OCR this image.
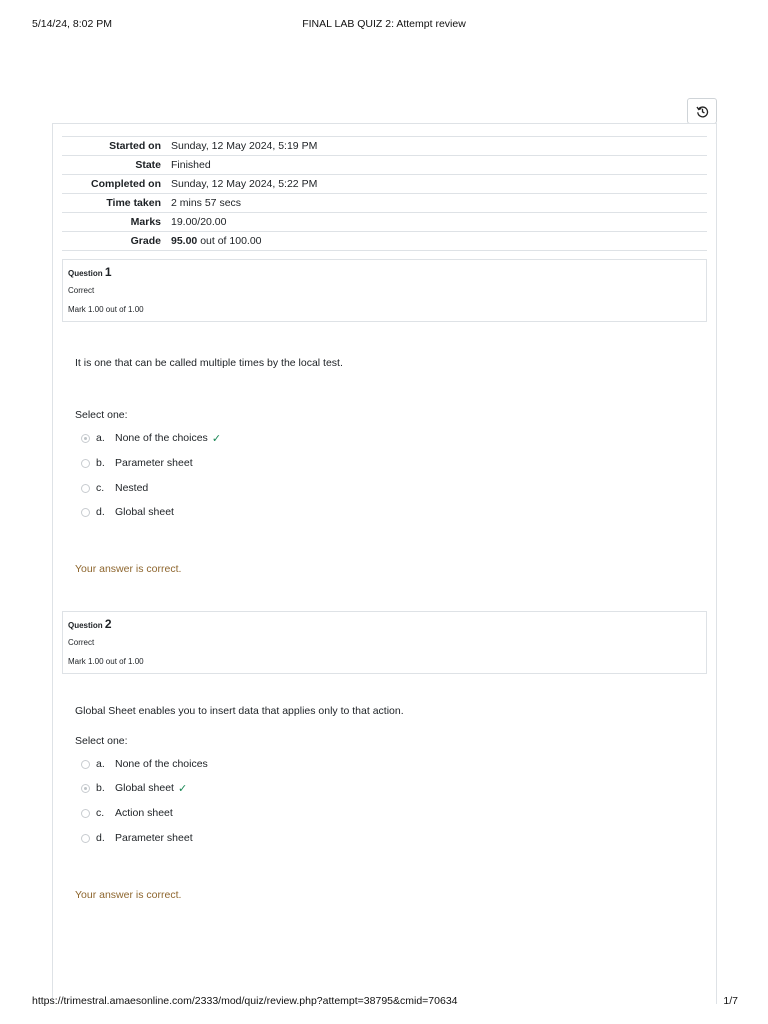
5/14/24, 8:02 PM	FINAL LAB QUIZ 2: Attempt review
Started on	Sunday, 12 May 2024, 5:19 PM
State	Finished
Completed on	Sunday, 12 May 2024, 5:22 PM
Time taken	2 mins 57 secs
Marks	19.00/20.00
Grade	95.00 out of 100.00
Question 1
Correct
Mark 1.00 out of 1.00
It is one that can be called multiple times by the local test.
Select one:
a. None of the choices ✓
b. Parameter sheet
c.	Nested
d. Global sheet
Your answer is correct.
Question 2
Correct
Mark 1.00 out of 1.00
Global Sheet enables you to insert data that applies only to that action.
Select one:
a. None of the choices
b. Global sheet ✓
c.	Action sheet
d. Parameter sheet
Your answer is correct.
https://trimestral.amaesonline.com/2333/mod/quiz/review.php?attempt=38795&cmid=70634	1/7
